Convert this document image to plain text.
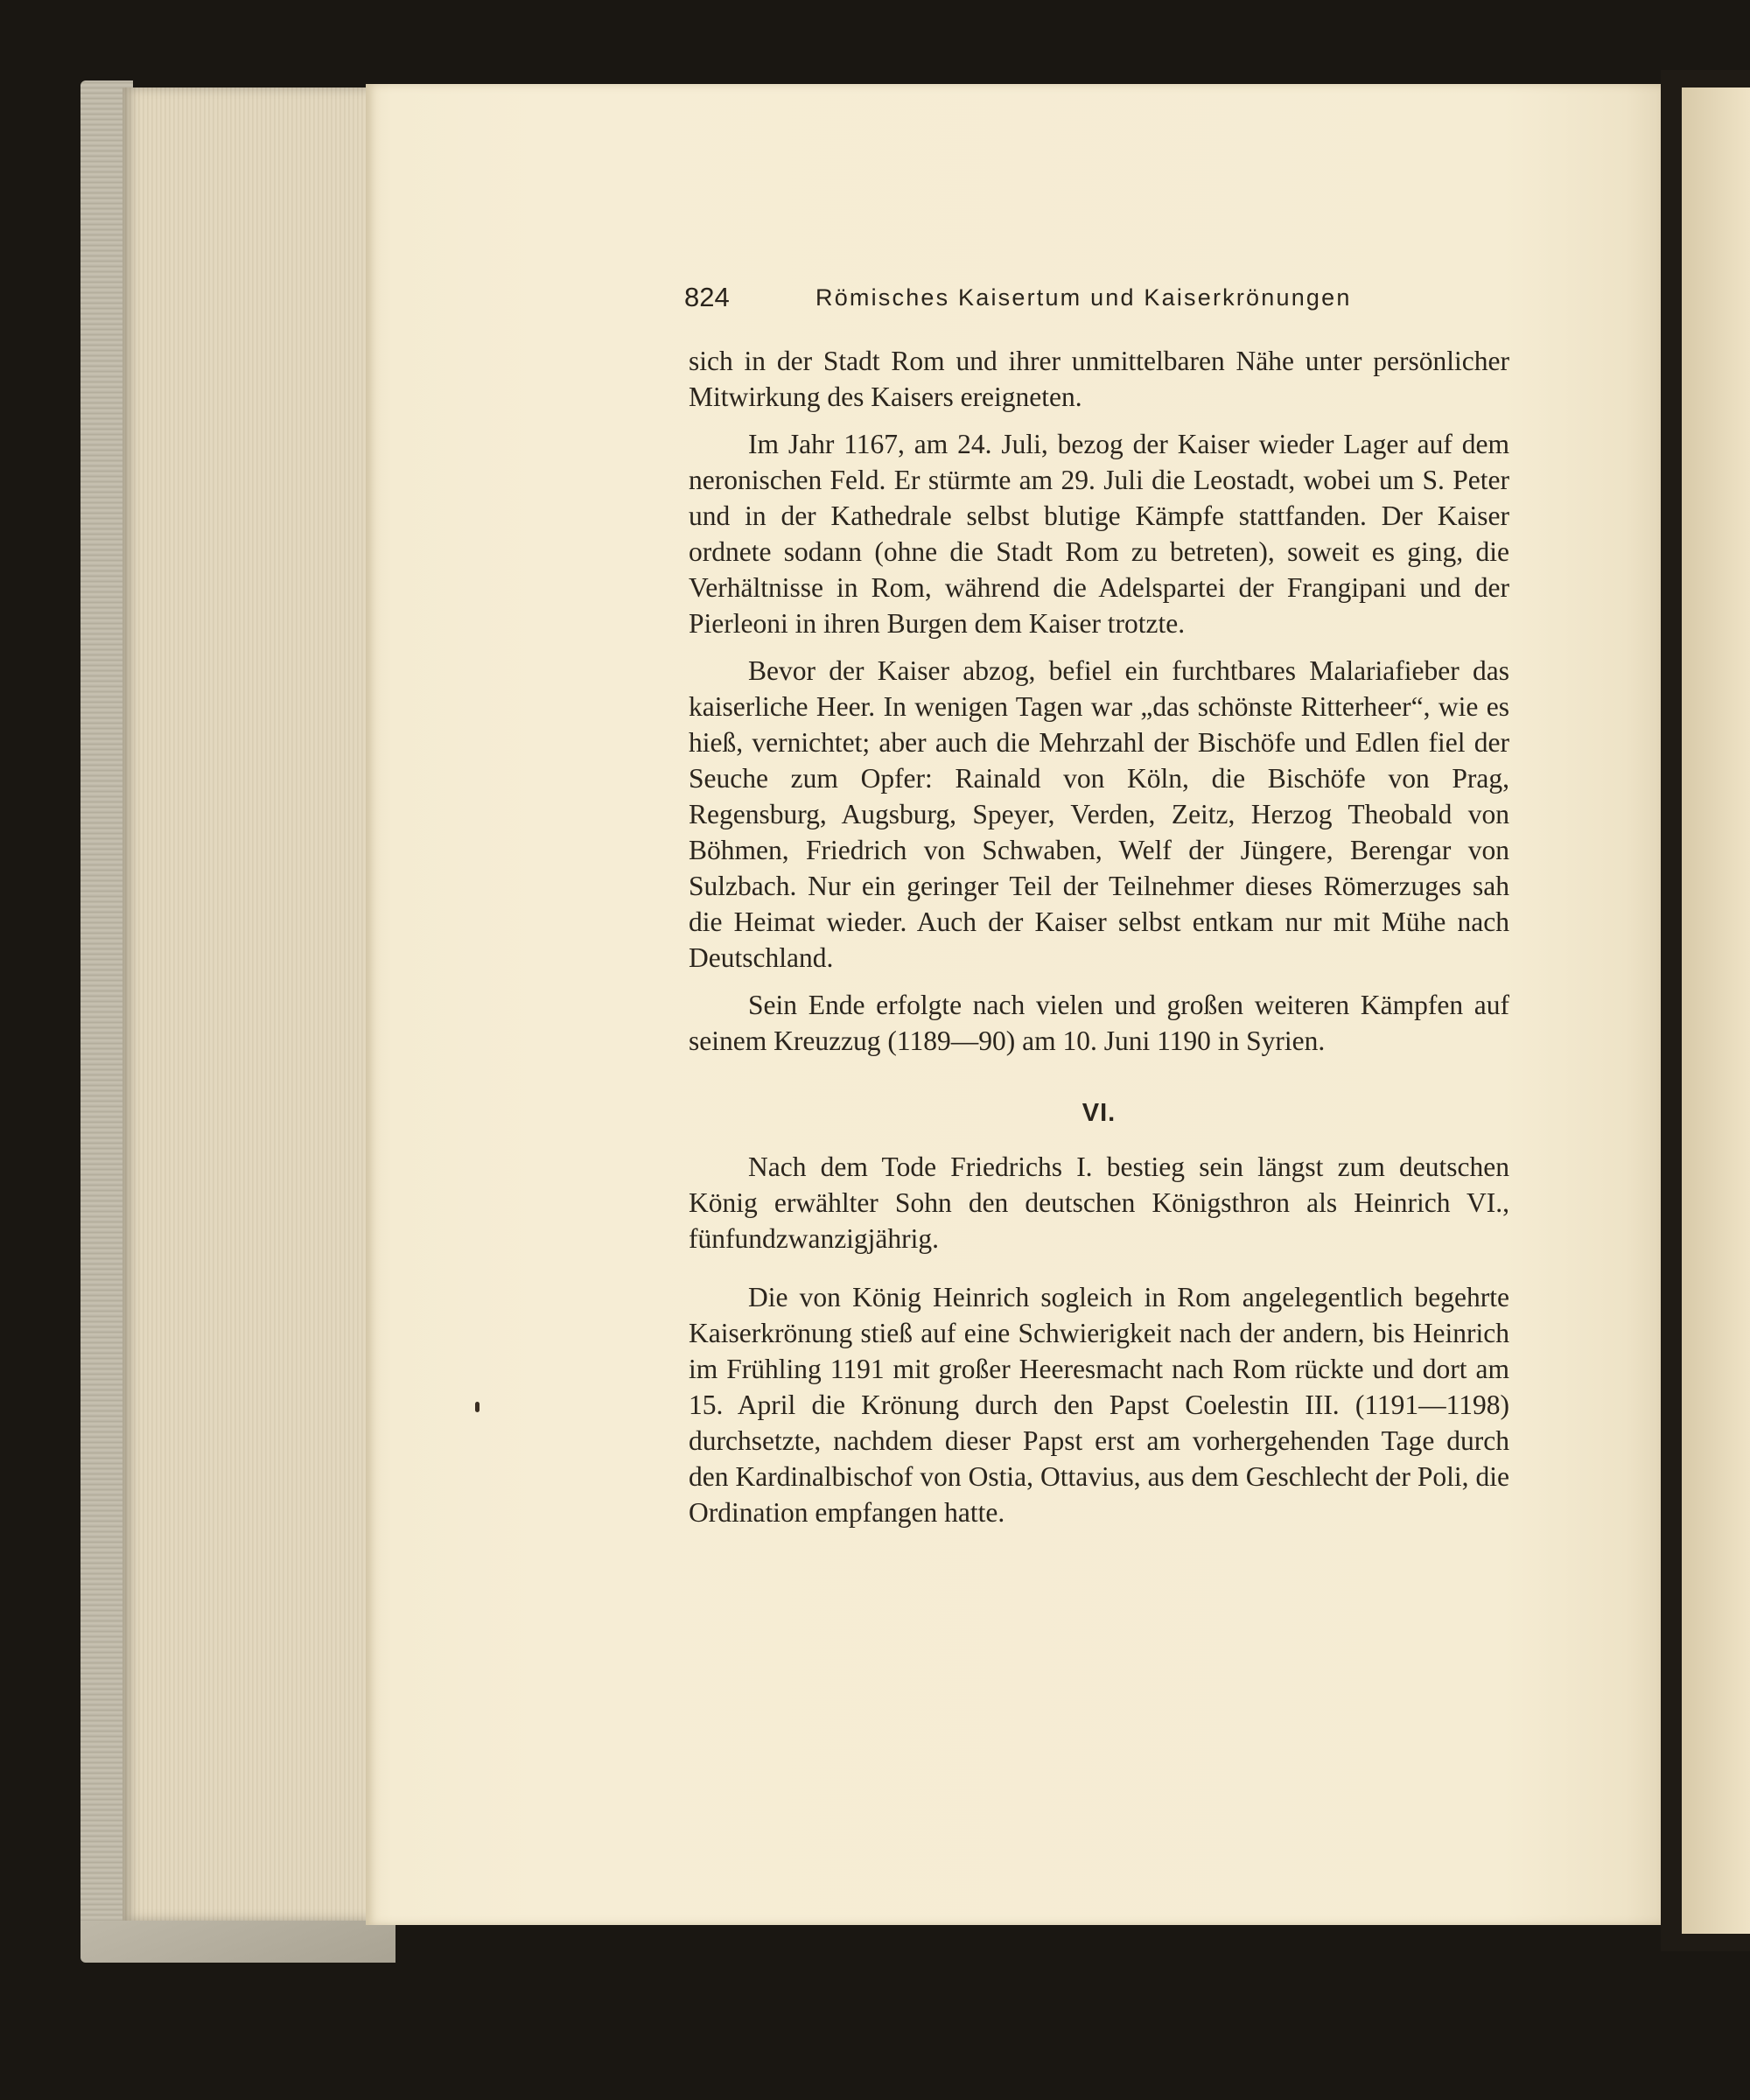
824	Römisches Kaisertum und Kaiserkrönungen

sich in der Stadt Rom und ihrer unmittelbaren Nähe unter persönlicher Mitwirkung des Kaisers ereigneten.

Im Jahr 1167, am 24. Juli, bezog der Kaiser wieder Lager auf dem neronischen Feld. Er stürmte am 29. Juli die Leostadt, wobei um S. Peter und in der Kathedrale selbst blutige Kämpfe stattfanden. Der Kaiser ordnete sodann (ohne die Stadt Rom zu betreten), soweit es ging, die Verhältnisse in Rom, während die Adelspartei der Frangipani und der Pierleoni in ihren Burgen dem Kaiser trotzte.

Bevor der Kaiser abzog, befiel ein furchtbares Malariafieber das kaiserliche Heer. In wenigen Tagen war „das schönste Ritterheer“, wie es hieß, vernichtet; aber auch die Mehrzahl der Bischöfe und Edlen fiel der Seuche zum Opfer: Rainald von Köln, die Bischöfe von Prag, Regensburg, Augsburg, Speyer, Verden, Zeitz, Herzog Theobald von Böhmen, Friedrich von Schwaben, Welf der Jüngere, Berengar von Sulzbach. Nur ein geringer Teil der Teilnehmer dieses Römerzuges sah die Heimat wieder. Auch der Kaiser selbst entkam nur mit Mühe nach Deutschland.

Sein Ende erfolgte nach vielen und großen weiteren Kämpfen auf seinem Kreuzzug (1189—90) am 10. Juni 1190 in Syrien.

VI.

Nach dem Tode Friedrichs I. bestieg sein längst zum deutschen König erwählter Sohn den deutschen Königsthron als Heinrich VI., fünfundzwanzigjährig.

Die von König Heinrich sogleich in Rom angelegentlich begehrte Kaiserkrönung stieß auf eine Schwierigkeit nach der andern, bis Heinrich im Frühling 1191 mit großer Heeresmacht nach Rom rückte und dort am 15. April die Krönung durch den Papst Coelestin III. (1191—1198) durchsetzte, nachdem dieser Papst erst am vorhergehenden Tage durch den Kardinalbischof von Ostia, Ottavius, aus dem Geschlecht der Poli, die Ordination empfangen hatte.
